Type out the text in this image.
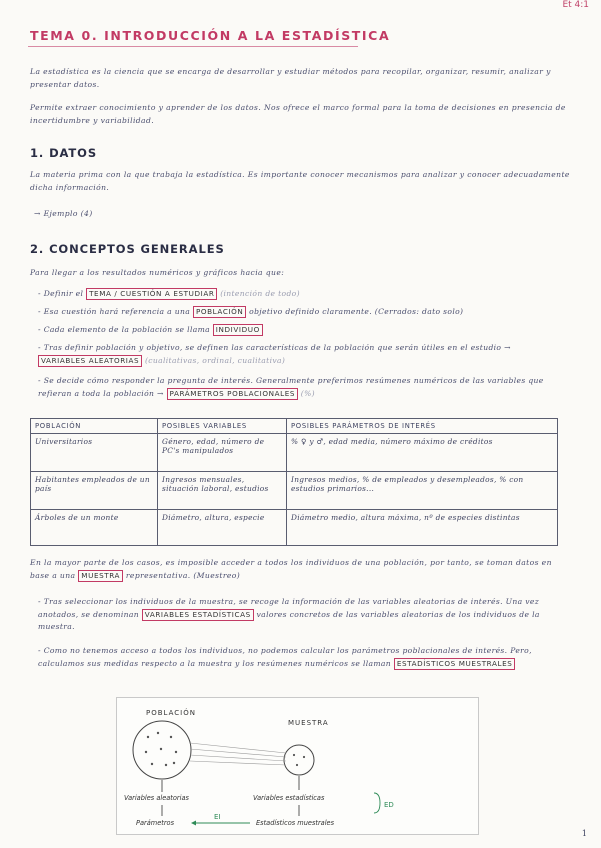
Et 4:1
TEMA 0. INTRODUCCIÓN A LA ESTADÍSTICA
La estadística es la ciencia que se encarga de desarrollar y estudiar métodos para recopilar, organizar, resumir, analizar y presentar datos.
Permite extraer conocimiento y aprender de los datos. Nos ofrece el marco formal para la toma de decisiones en presencia de incertidumbre y variabilidad.
1. DATOS
La materia prima con la que trabaja la estadística. Es importante conocer mecanismos para analizar y conocer adecuadamente dicha información.
→ Ejemplo (4)
2. CONCEPTOS GENERALES
Para llegar a los resultados numéricos y gráficos hacia que:
- Definir el TEMA / CUESTIÓN A ESTUDIAR (intención de todo)
- Esa cuestión hará referencia a una POBLACIÓN objetivo definido claramente. (Cerrados: dato solo)
- Cada elemento de la población se llama INDIVIDUO
- Tras definir población y objetivo, se definen las características de la población que serán útiles en el estudio → VARIABLES ALEATORIAS (cualitativas, ordinal, cualitativa)
- Se decide cómo responder la pregunta de interés. Generalmente preferimos resúmenes numéricos de las variables que refieran a toda la población → PARÁMETROS POBLACIONALES (%)
POBLACIÓN	POSIBLES VARIABLES	POSIBLES PARÁMETROS DE INTERÉS
Universitarios	Género, edad, número de PC's manipulados	% ♀ y ♂, edad media, número máximo de créditos
Habitantes empleados de un país	Ingresos mensuales, situación laboral, estudios	Ingresos medios, % de empleados y desempleados, % con estudios primarios...
Árboles de un monte	Diámetro, altura, especie	Diámetro medio, altura máxima, nº de especies distintas
En la mayor parte de los casos, es imposible acceder a todos los individuos de una población, por tanto, se toman datos en base a una MUESTRA representativa. (Muestreo)
- Tras seleccionar los individuos de la muestra, se recoge la información de las variables aleatorias de interés. Una vez anotados, se denominan VARIABLES ESTADÍSTICAS valores concretos de las variables aleatorias de los individuos de la muestra.
- Como no tenemos acceso a todos los individuos, no podemos calcular los parámetros poblacionales de interés. Pero, calculamos sus medidas respecto a la muestra y los resúmenes numéricos se llaman ESTADÍSTICOS MUESTRALES
POBLACIÓN
MUESTRA
Variables aleatorias	Variables estadísticas
Parámetros	Estadísticos muestrales
EI
ED
1
